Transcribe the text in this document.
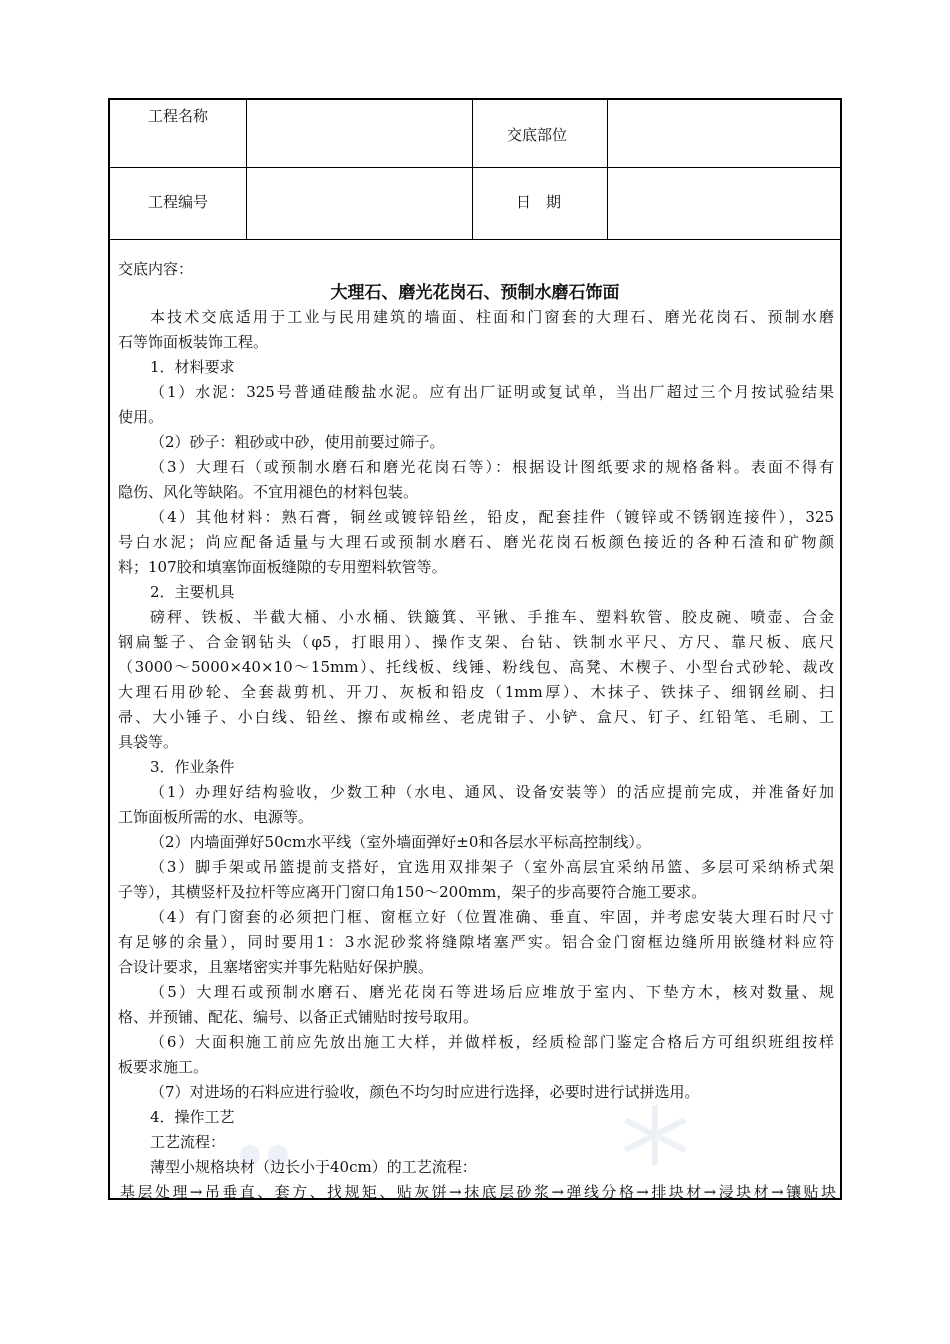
工程名称
交底部位
工程编号	日　期
交底内容：
大理石、磨光花岗石、预制水磨石饰面
本技术交底适用于工业与民用建筑的墙面、柱面和门窗套的大理石、磨光花岗石、预制水磨
石等饰面板装饰工程。
1．材料要求
（1）水泥：325号普通硅酸盐水泥。应有出厂证明或复试单，当出厂超过三个月按试验结果
使用。
（2）砂子：粗砂或中砂，使用前要过筛子。
（3）大理石（或预制水磨石和磨光花岗石等）：根据设计图纸要求的规格备料。表面不得有
隐伤、风化等缺陷。不宜用褪色的材料包装。
（4）其他材料：熟石膏，铜丝或镀锌铅丝，铅皮，配套挂件（镀锌或不锈钢连接件），325
号白水泥；尚应配备适量与大理石或预制水磨石、磨光花岗石板颜色接近的各种石渣和矿物颜
料；107胶和填塞饰面板缝隙的专用塑料软管等。
2．主要机具
磅秤、铁板、半截大桶、小水桶、铁簸箕、平锹、手推车、塑料软管、胶皮碗、喷壶、合金
钢扁錾子、合金钢钻头（φ5，打眼用）、操作支架、台钻、铁制水平尺、方尺、靠尺板、底尺
（3000～5000×40×10～15mm）、托线板、线锤、粉线包、高凳、木楔子、小型台式砂轮、裁改
大理石用砂轮、全套裁剪机、开刀、灰板和铅皮（1mm厚）、木抹子、铁抹子、细钢丝刷、扫
帚、大小锤子、小白线、铅丝、擦布或棉丝、老虎钳子、小铲、盒尺、钉子、红铅笔、毛刷、工
具袋等。
3．作业条件
（1）办理好结构验收，少数工种（水电、通风、设备安装等）的活应提前完成，并准备好加
工饰面板所需的水、电源等。
（2）内墙面弹好50cm水平线（室外墙面弹好±0和各层水平标高控制线）。
（3）脚手架或吊篮提前支搭好，宜选用双排架子（室外高层宜采纳吊篮、多层可采纳桥式架
子等），其横竖杆及拉杆等应离开门窗口角150～200mm，架子的步高要符合施工要求。
（4）有门窗套的必须把门框、窗框立好（位置准确、垂直、牢固，并考虑安装大理石时尺寸
有足够的余量），同时要用1：3水泥砂浆将缝隙堵塞严实。铝合金门窗框边缝所用嵌缝材料应符
合设计要求，且塞堵密实并事先粘贴好保护膜。
（5）大理石或预制水磨石、磨光花岗石等进场后应堆放于室内、下垫方木，核对数量、规
格、并预铺、配花、编号、以备正式铺贴时按号取用。
（6）大面积施工前应先放出施工大样，并做样板，经质检部门鉴定合格后方可组织班组按样
板要求施工。
（7）对进场的石料应进行验收，颜色不均匀时应进行选择，必要时进行试拼选用。
4．操作工艺
工艺流程：
薄型小规格块材（边长小于40cm）的工艺流程：
基层处理→吊垂直、套方、找规矩、贴灰饼→抹底层砂浆→弹线分格→排块材→浸块材→镶贴块
